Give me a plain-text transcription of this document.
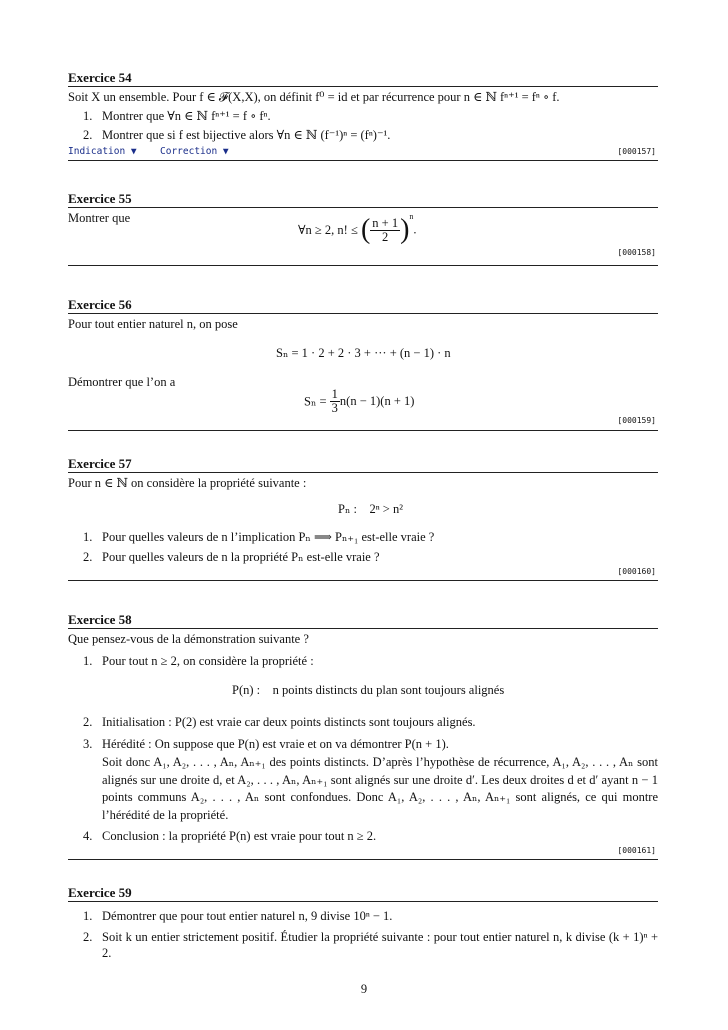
Exercice 54
Soit X un ensemble. Pour f ∈ 𝓕(X,X), on définit f⁰ = id et par récurrence pour n ∈ ℕ fⁿ⁺¹ = fⁿ ∘ f.
1. Montrer que ∀n ∈ ℕ fⁿ⁺¹ = f ∘ fⁿ.
2. Montrer que si f est bijective alors ∀n ∈ ℕ (f⁻¹)ⁿ = (fⁿ)⁻¹.
Indication ▼ Correction ▼	[000157]
Exercice 55
Montrer que
∀n ≥ 2, n! ≤ ( $\frac{n + 1}{2} )^n$.
[000158]
Exercice 56
Pour tout entier naturel n, on pose
Sₙ = 1 · 2 + 2 · 3 + ··· + (n − 1) · n
Démontrer que l’on a
$S_n = \frac{1}{3} n(n - 1)(n + 1)$
[000159]
Exercice 57
Pour n ∈ ℕ on considère la propriété suivante :
Pₙ :    2ⁿ > n²
1. Pour quelles valeurs de n l’implication Pₙ ⟹ Pₙ₊₁ est-elle vraie ?
2. Pour quelles valeurs de n la propriété Pₙ est-elle vraie ?
[000160]
Exercice 58
Que pensez-vous de la démonstration suivante ?
1. Pour tout n ≥ 2, on considère la propriété :
P(n) :    n points distincts du plan sont toujours alignés
2. Initialisation : P(2) est vraie car deux points distincts sont toujours alignés.
3. Hérédité : On suppose que P(n) est vraie et on va démontrer P(n + 1).
Soit donc A₁, A₂, . . . , Aₙ, Aₙ₊₁ des points distincts. D’après l’hypothèse de récurrence, A₁, A₂, . . . , Aₙ sont alignés sur une droite d, et A₂, . . . , Aₙ, Aₙ₊₁ sont alignés sur une droite d′. Les deux droites d et d′ ayant n − 1 points communs A₂, . . . , Aₙ sont confondues. Donc A₁, A₂, . . . , Aₙ, Aₙ₊₁ sont alignés, ce qui montre l’hérédité de la propriété.
4. Conclusion : la propriété P(n) est vraie pour tout n ≥ 2.
[000161]
Exercice 59
1. Démontrer que pour tout entier naturel n, 9 divise 10ⁿ − 1.
2. Soit k un entier strictement positif. Étudier la propriété suivante : pour tout entier naturel n, k divise (k + 1)ⁿ + 2.
9
